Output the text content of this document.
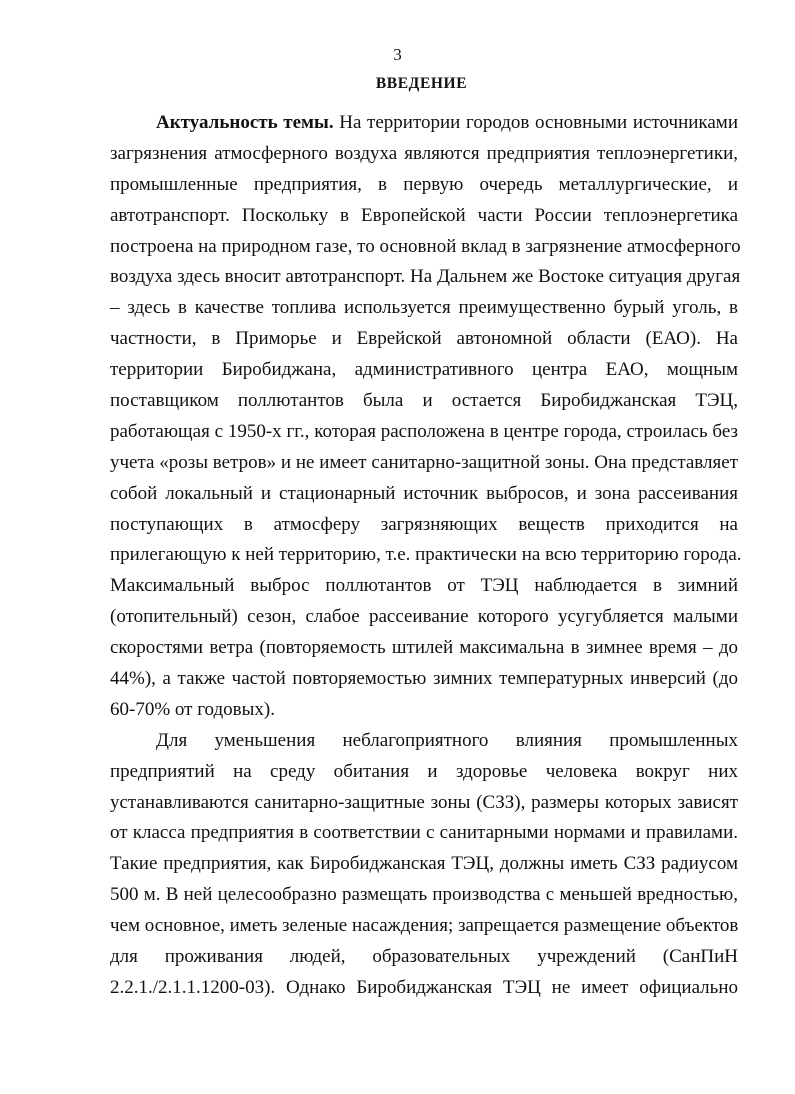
3
ВВЕДЕНИЕ
Актуальность темы. На территории городов основными источниками
загрязнения атмосферного воздуха являются предприятия теплоэнергетики,
промышленные предприятия, в первую очередь металлургические, и
автотранспорт. Поскольку в Европейской части России теплоэнергетика
построена на природном газе, то основной вклад в загрязнение атмосферного
воздуха здесь вносит автотранспорт. На Дальнем же Востоке ситуация другая
– здесь в качестве топлива используется преимущественно бурый уголь, в
частности, в Приморье и Еврейской автономной области (ЕАО). На
территории Биробиджана, административного центра ЕАО, мощным
поставщиком поллютантов была и остается Биробиджанская ТЭЦ,
работающая с 1950-х гг., которая расположена в центре города, строилась без
учета «розы ветров» и не имеет санитарно-защитной зоны. Она представляет
собой локальный и стационарный источник выбросов, и зона рассеивания
поступающих в атмосферу загрязняющих веществ приходится на
прилегающую к ней территорию, т.е. практически на всю территорию города.
Максимальный выброс поллютантов от ТЭЦ наблюдается в зимний
(отопительный) сезон, слабое рассеивание которого усугубляется малыми
скоростями ветра (повторяемость штилей максимальна в зимнее время – до
44%), а также частой повторяемостью зимних температурных инверсий (до
60-70% от годовых).
Для уменьшения неблагоприятного влияния промышленных
предприятий на среду обитания и здоровье человека вокруг них
устанавливаются санитарно-защитные зоны (СЗЗ), размеры которых зависят
от класса предприятия в соответствии с санитарными нормами и правилами.
Такие предприятия, как Биробиджанская ТЭЦ, должны иметь СЗЗ радиусом
500 м. В ней целесообразно размещать производства с меньшей вредностью,
чем основное, иметь зеленые насаждения; запрещается размещение объектов
для проживания людей, образовательных учреждений (СанПиН
2.2.1./2.1.1.1200-03). Однако Биробиджанская ТЭЦ не имеет официально
